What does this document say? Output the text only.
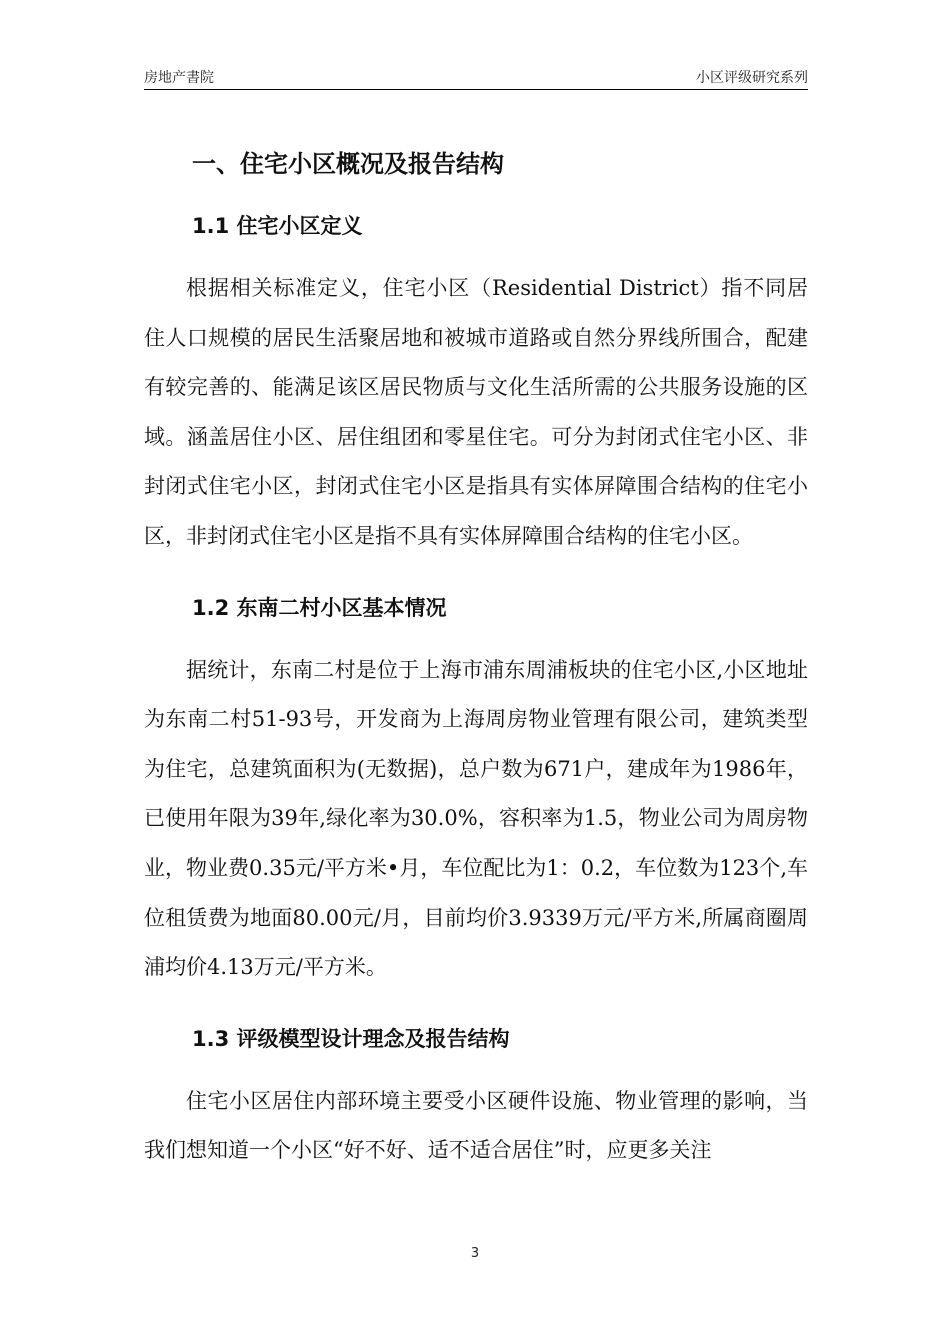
房地产書院	小区评级研究系列
一、住宅小区概况及报告结构
1.1 住宅小区定义

根据相关标准定义，住宅小区（Residential District）指不同居住人口规模的居民生活聚居地和被城市道路或自然分界线所围合，配建有较完善的、能满足该区居民物质与文化生活所需的公共服务设施的区域。涵盖居住小区、居住组团和零星住宅。可分为封闭式住宅小区、非封闭式住宅小区，封闭式住宅小区是指具有实体屏障围合结构的住宅小区，非封闭式住宅小区是指不具有实体屏障围合结构的住宅小区。

1.2 东南二村小区基本情况

据统计，东南二村是位于上海市浦东周浦板块的住宅小区,小区地址为东南二村51-93号，开发商为上海周房物业管理有限公司，建筑类型为住宅，总建筑面积为(无数据)，总户数为671户，建成年为1986年，已使用年限为39年,绿化率为30.0%，容积率为1.5，物业公司为周房物业，物业费0.35元/平方米•月，车位配比为1：0.2，车位数为123个,车位租赁费为地面80.00元/月，目前均价3.9339万元/平方米,所属商圈周浦均价4.13万元/平方米。

1.3 评级模型设计理念及报告结构

住宅小区居住内部环境主要受小区硬件设施、物业管理的影响，当我们想知道一个小区“好不好、适不适合居住”时，应更多关注

3
